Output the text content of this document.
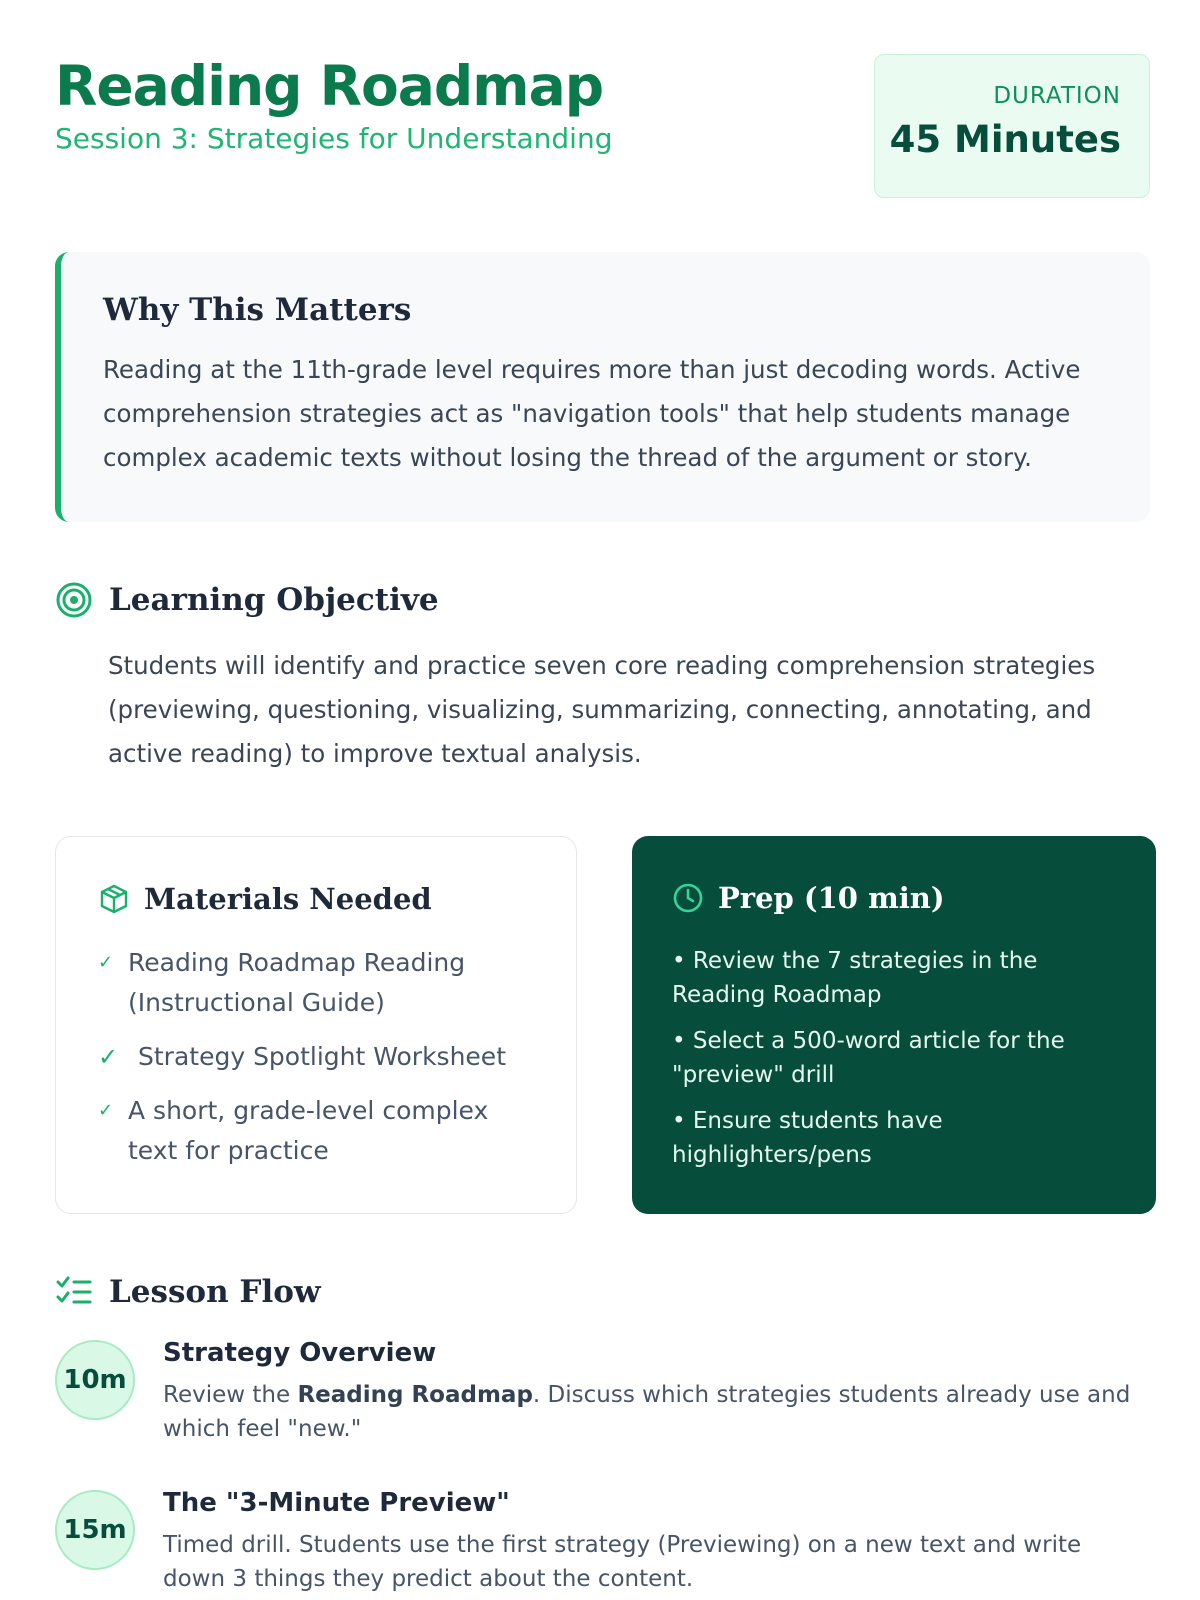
Reading Roadmap
Session 3: Strategies for Understanding
DURATION
45 Minutes
Why This Matters

Reading at the 11th-grade level requires more than just decoding words. Active comprehension strategies act as "navigation tools" that help students manage complex academic texts without losing the thread of the argument or story.

Learning Objective

Students will identify and practice seven core reading comprehension strategies (previewing, questioning, visualizing, summarizing, connecting, annotating, and active reading) to improve textual analysis.

Materials Needed
✓ Reading Roadmap Reading (Instructional Guide)
✓ Strategy Spotlight Worksheet
✓ A short, grade-level complex text for practice
Prep (10 min)
• Review the 7 strategies in the Reading Roadmap
• Select a 500-word article for the "preview" drill
• Ensure students have highlighters/pens
Lesson Flow
10m
Strategy Overview

Review the Reading Roadmap. Discuss which strategies students already use and which feel "new."

15m
The "3-Minute Preview"

Timed drill. Students use the first strategy (Previewing) on a new text and write down 3 things they predict about the content.
